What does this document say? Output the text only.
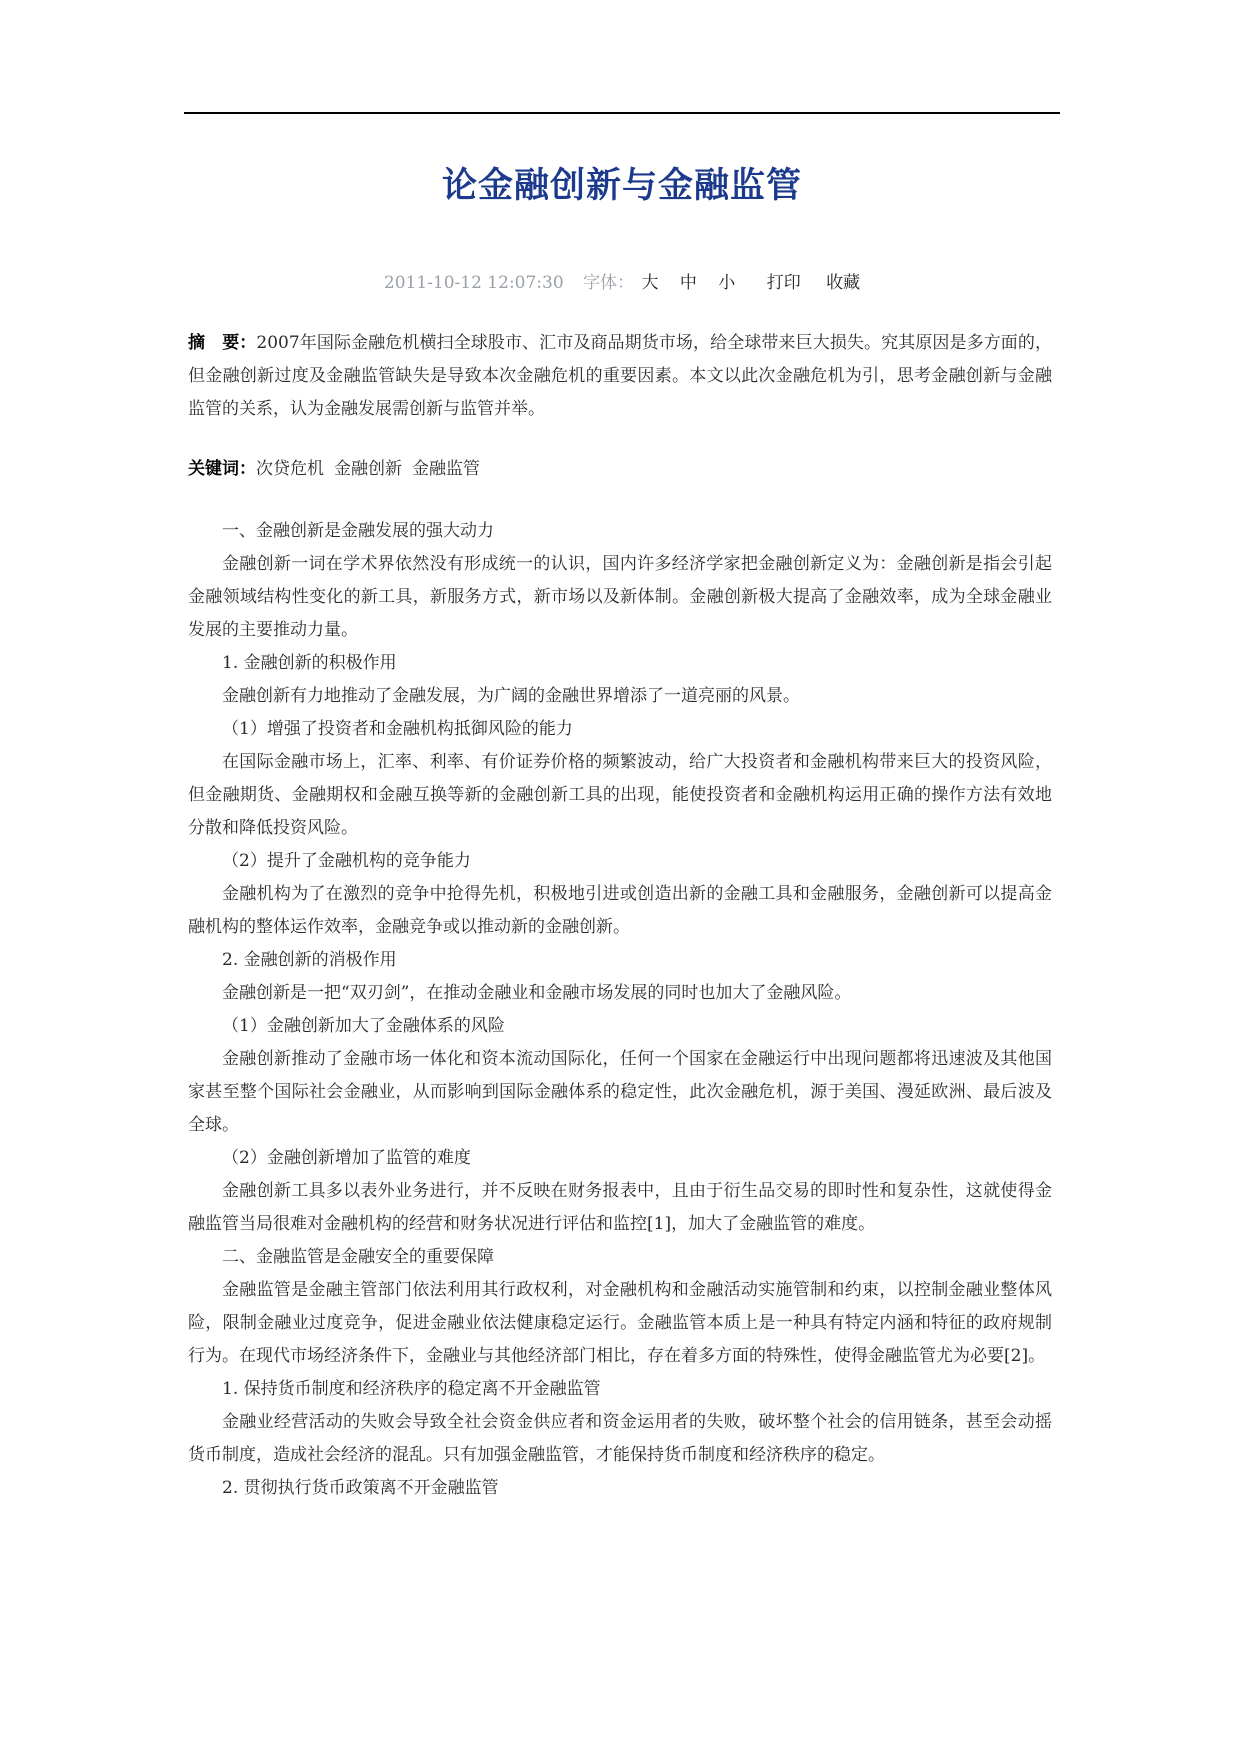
论金融创新与金融监管
2011-10-12 12:07:30 字体： 大 中 小 打印 收藏

摘　要：2007年国际金融危机横扫全球股市、汇市及商品期货市场，给全球带来巨大损失。究其原因是多方面的，但金融创新过度及金融监管缺失是导致本次金融危机的重要因素。本文以此次金融危机为引，思考金融创新与金融监管的关系，认为金融发展需创新与监管并举。

关键词：次贷危机 金融创新 金融监管

一、金融创新是金融发展的强大动力

金融创新一词在学术界依然没有形成统一的认识，国内许多经济学家把金融创新定义为：金融创新是指会引起金融领域结构性变化的新工具，新服务方式，新市场以及新体制。金融创新极大提高了金融效率，成为全球金融业发展的主要推动力量。

1. 金融创新的积极作用

金融创新有力地推动了金融发展，为广阔的金融世界增添了一道亮丽的风景。

（1）增强了投资者和金融机构抵御风险的能力

在国际金融市场上，汇率、利率、有价证券价格的频繁波动，给广大投资者和金融机构带来巨大的投资风险，但金融期货、金融期权和金融互换等新的金融创新工具的出现，能使投资者和金融机构运用正确的操作方法有效地分散和降低投资风险。

（2）提升了金融机构的竞争能力

金融机构为了在激烈的竞争中抢得先机，积极地引进或创造出新的金融工具和金融服务，金融创新可以提高金融机构的整体运作效率，金融竞争或以推动新的金融创新。

2. 金融创新的消极作用

金融创新是一把“双刃剑”，在推动金融业和金融市场发展的同时也加大了金融风险。

（1）金融创新加大了金融体系的风险

金融创新推动了金融市场一体化和资本流动国际化，任何一个国家在金融运行中出现问题都将迅速波及其他国家甚至整个国际社会金融业，从而影响到国际金融体系的稳定性，此次金融危机，源于美国、漫延欧洲、最后波及全球。

（2）金融创新增加了监管的难度

金融创新工具多以表外业务进行，并不反映在财务报表中，且由于衍生品交易的即时性和复杂性，这就使得金融监管当局很难对金融机构的经营和财务状况进行评估和监控[1]，加大了金融监管的难度。

二、金融监管是金融安全的重要保障

金融监管是金融主管部门依法利用其行政权利，对金融机构和金融活动实施管制和约束，以控制金融业整体风险，限制金融业过度竞争，促进金融业依法健康稳定运行。金融监管本质上是一种具有特定内涵和特征的政府规制行为。在现代市场经济条件下，金融业与其他经济部门相比，存在着多方面的特殊性，使得金融监管尤为必要[2]。

1. 保持货币制度和经济秩序的稳定离不开金融监管

金融业经营活动的失败会导致全社会资金供应者和资金运用者的失败，破坏整个社会的信用链条，甚至会动摇货币制度，造成社会经济的混乱。只有加强金融监管，才能保持货币制度和经济秩序的稳定。

2. 贯彻执行货币政策离不开金融监管
